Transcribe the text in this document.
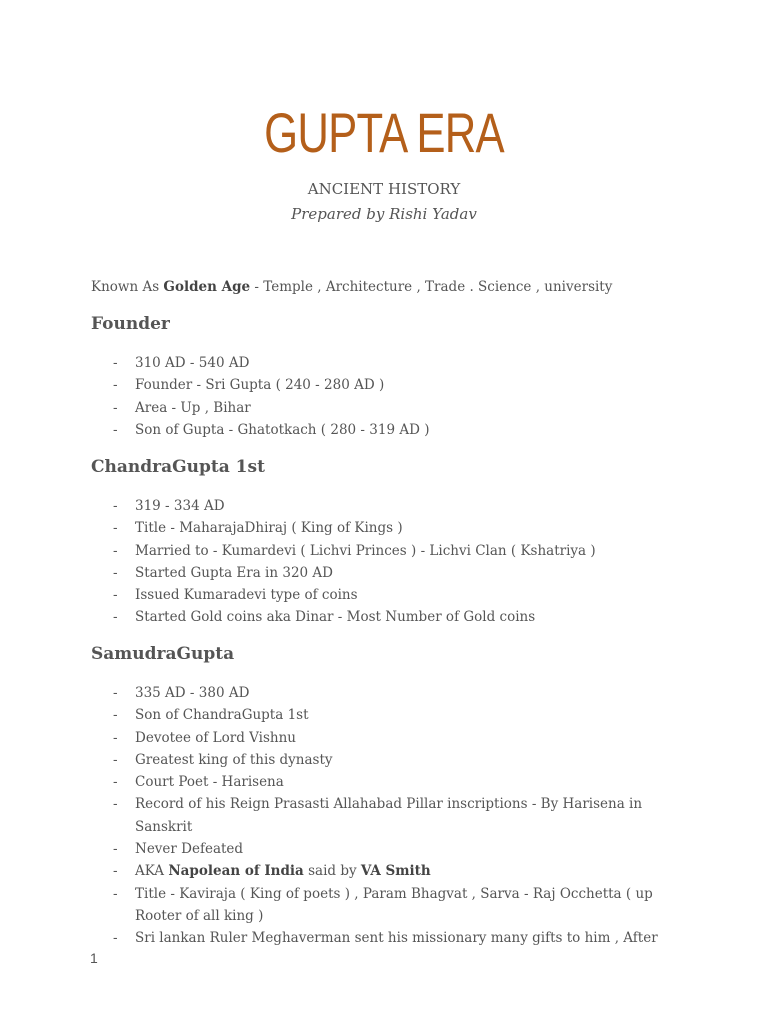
GUPTA ERA
ANCIENT HISTORY
Prepared by Rishi Yadav
Known As Golden Age - Temple , Architecture , Trade . Science , university
Founder
- 310 AD - 540 AD
- Founder - Sri Gupta ( 240 - 280 AD )
- Area - Up , Bihar
- Son of Gupta - Ghatotkach ( 280 - 319 AD )
ChandraGupta 1st
- 319 - 334 AD
- Title - MaharajaDhiraj ( King of Kings )
- Married to - Kumardevi ( Lichvi Princes ) - Lichvi Clan ( Kshatriya )
- Started Gupta Era in 320 AD
- Issued Kumaradevi type of coins
- Started Gold coins aka Dinar - Most Number of Gold coins
SamudraGupta
- 335 AD - 380 AD
- Son of ChandraGupta 1st
- Devotee of Lord Vishnu
- Greatest king of this dynasty
- Court Poet - Harisena
- Record of his Reign Prasasti Allahabad Pillar inscriptions - By Harisena in Sanskrit
- Never Defeated
- AKA Napolean of India said by VA Smith
- Title - Kaviraja ( King of poets ) , Param Bhagvat , Sarva - Raj Occhetta ( up Rooter of all king )
- Sri lankan Ruler Meghaverman sent his missionary many gifts to him , After
1
